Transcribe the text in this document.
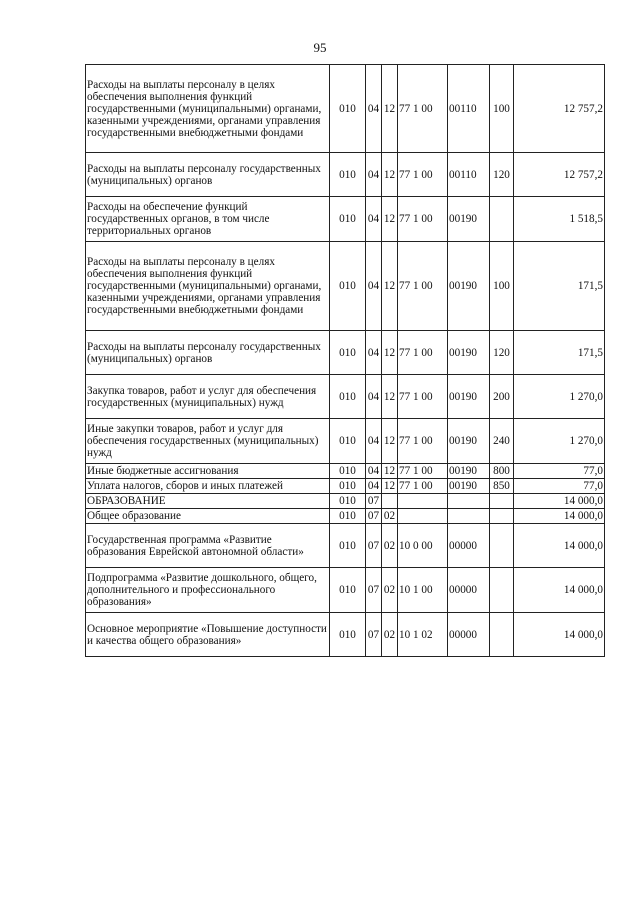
95
Расходы на выплаты персоналу в целях обеспечения выполнения функций государственными (муниципальными) органами, казенными учреждениями, органами управления государственными внебюджетными фондами	010	04	12	77 1 00	00110	100	12 757,2
Расходы на выплаты персоналу государственных (муниципальных) органов	010	04	12	77 1 00	00110	120	12 757,2
Расходы на обеспечение функций государственных органов, в том числе территориальных органов	010	04	12	77 1 00	00190		1 518,5
Расходы на выплаты персоналу в целях обеспечения выполнения функций государственными (муниципальными) органами, казенными учреждениями, органами управления государственными внебюджетными фондами	010	04	12	77 1 00	00190	100	171,5
Расходы на выплаты персоналу государственных (муниципальных) органов	010	04	12	77 1 00	00190	120	171,5
Закупка товаров, работ и услуг для обеспечения государственных (муниципальных) нужд	010	04	12	77 1 00	00190	200	1 270,0
Иные закупки товаров, работ и услуг для обеспечения государственных (муниципальных) нужд	010	04	12	77 1 00	00190	240	1 270,0
Иные бюджетные ассигнования	010	04	12	77 1 00	00190	800	77,0
Уплата налогов, сборов и иных платежей	010	04	12	77 1 00	00190	850	77,0
ОБРАЗОВАНИЕ	010	07					14 000,0
Общее образование	010	07	02				14 000,0
Государственная программа «Развитие образования Еврейской автономной области»	010	07	02	10 0 00	00000		14 000,0
Подпрограмма «Развитие дошкольного, общего, дополнительного и профессионального образования»	010	07	02	10 1 00	00000		14 000,0
Основное мероприятие «Повышение доступности и качества общего образования»	010	07	02	10 1 02	00000		14 000,0
